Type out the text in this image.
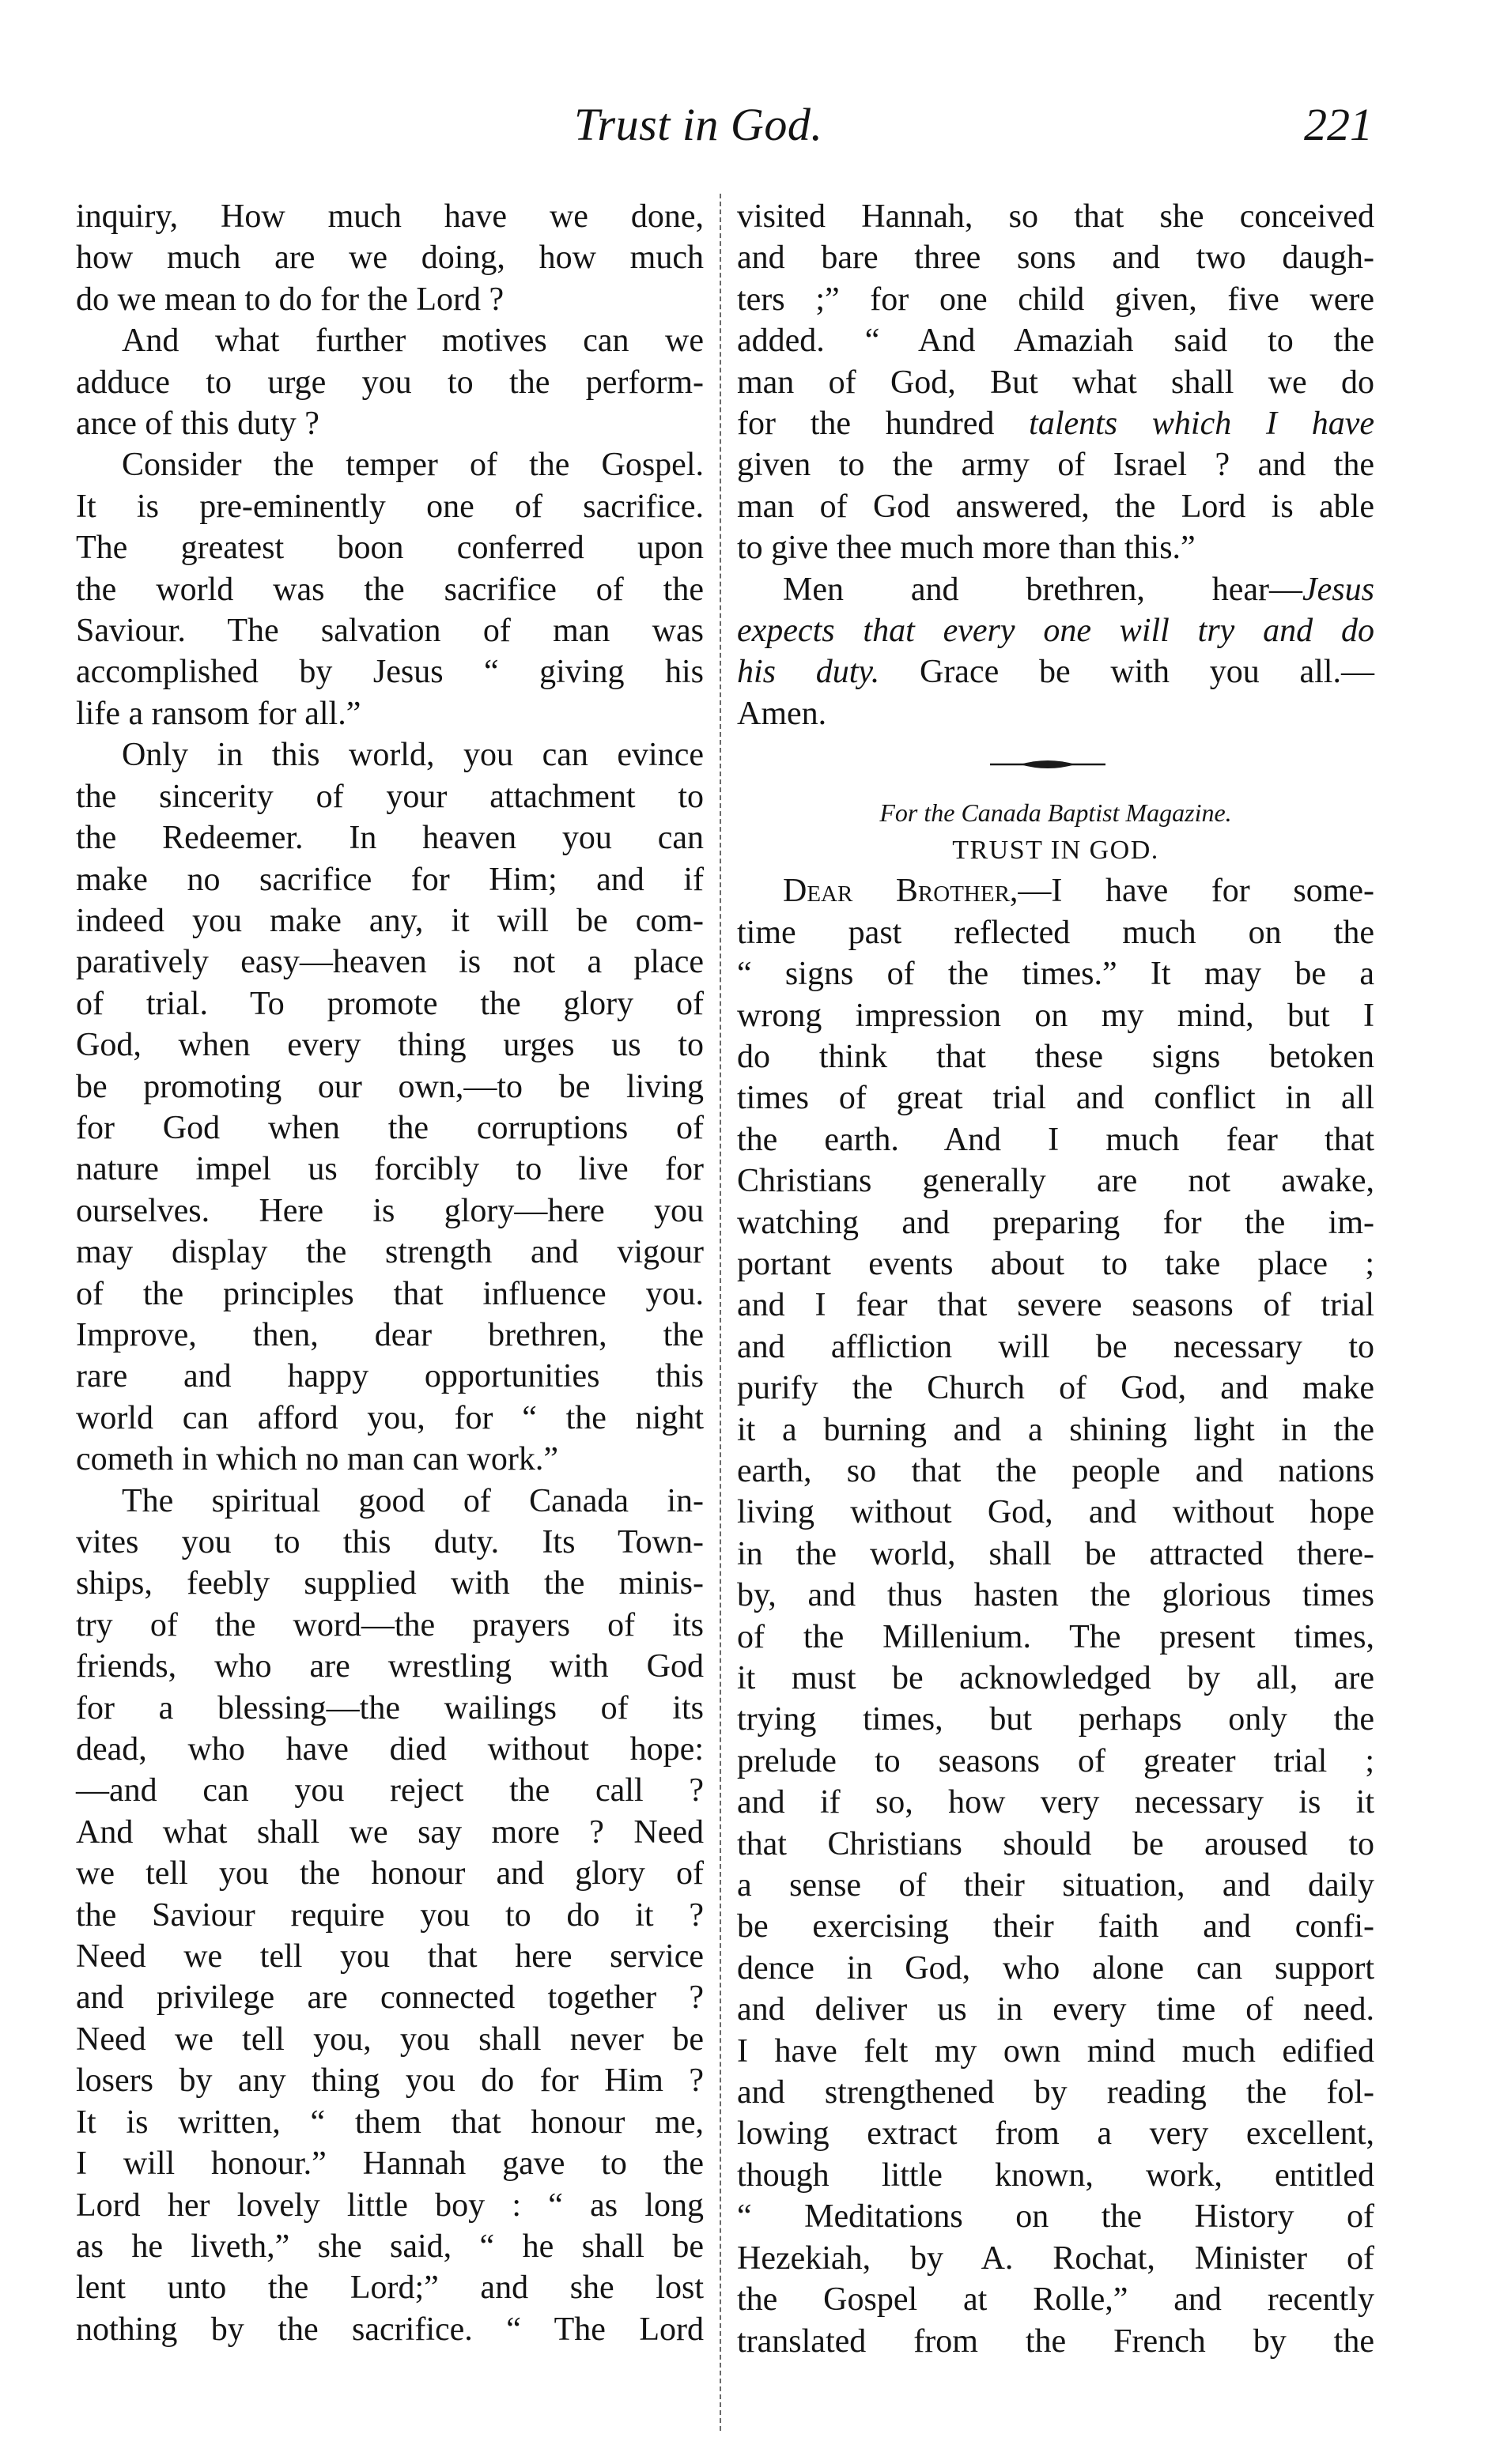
Trust in God.	221
inquiry, How much have we done,
how much are we doing, how much
do we mean to do for the Lord ?
And what further motives can we
adduce to urge you to the perform-
ance of this duty ?
Consider the temper of the Gospel.
It is pre-eminently one of sacrifice.
The greatest boon conferred upon
the world was the sacrifice of the
Saviour. The salvation of man was
accomplished by Jesus “ giving his
life a ransom for all.”
Only in this world, you can evince
the sincerity of your attachment to
the Redeemer. In heaven you can
make no sacrifice for Him; and if
indeed you make any, it will be com-
paratively easy—heaven is not a place
of trial. To promote the glory of
God, when every thing urges us to
be promoting our own,—to be living
for God when the corruptions of
nature impel us forcibly to live for
ourselves. Here is glory—here you
may display the strength and vigour
of the principles that influence you.
Improve, then, dear brethren, the
rare and happy opportunities this
world can afford you, for “ the night
cometh in which no man can work.”
The spiritual good of Canada in-
vites you to this duty. Its Town-
ships, feebly supplied with the minis-
try of the word—the prayers of its
friends, who are wrestling with God
for a blessing—the wailings of its
dead, who have died without hope:
—and can you reject the call ?
And what shall we say more ? Need
we tell you the honour and glory of
the Saviour require you to do it ?
Need we tell you that here service
and privilege are connected together ?
Need we tell you, you shall never be
losers by any thing you do for Him ?
It is written, “ them that honour me,
I will honour.” Hannah gave to the
Lord her lovely little boy : “ as long
as he liveth,” she said, “ he shall be
lent unto the Lord;” and she lost
nothing by the sacrifice. “ The Lord
visited Hannah, so that she conceived
and bare three sons and two daugh-
ters ;” for one child given, five were
added. “ And Amaziah said to the
man of God, But what shall we do
for the hundred talents which I have
given to the army of Israel ? and the
man of God answered, the Lord is able
to give thee much more than this.”
Men and brethren, hear—Jesus
expects that every one will try and do
his duty. Grace be with you all.—
Amen.
For the Canada Baptist Magazine.
TRUST IN GOD.
Dear Brother,—I have for some-
time past reflected much on the
“ signs of the times.” It may be a
wrong impression on my mind, but I
do think that these signs betoken
times of great trial and conflict in all
the earth. And I much fear that
Christians generally are not awake,
watching and preparing for the im-
portant events about to take place ;
and I fear that severe seasons of trial
and affliction will be necessary to
purify the Church of God, and make
it a burning and a shining light in the
earth, so that the people and nations
living without God, and without hope
in the world, shall be attracted there-
by, and thus hasten the glorious times
of the Millenium. The present times,
it must be acknowledged by all, are
trying times, but perhaps only the
prelude to seasons of greater trial ;
and if so, how very necessary is it
that Christians should be aroused to
a sense of their situation, and daily
be exercising their faith and confi-
dence in God, who alone can support
and deliver us in every time of need.
I have felt my own mind much edified
and strengthened by reading the fol-
lowing extract from a very excellent,
though little known, work, entitled
“ Meditations on the History of
Hezekiah, by A. Rochat, Minister of
the Gospel at Rolle,” and recently
translated from the French by the
